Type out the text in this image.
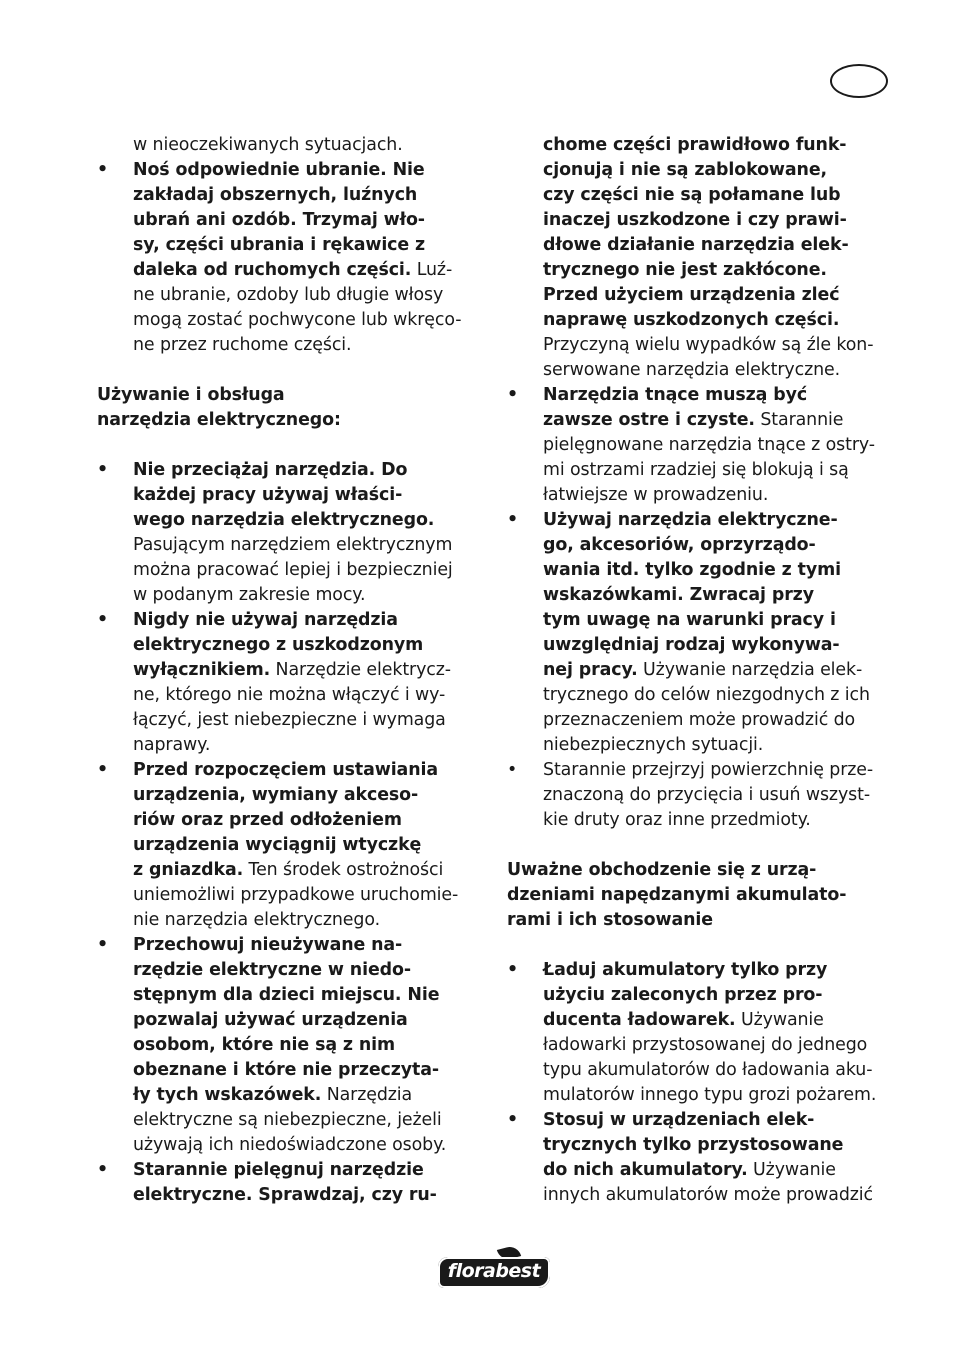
w nieoczekiwanych sytuacjach.

•	Noś odpowiednie ubranie. Nie
zakładaj obszernych, luźnych
ubrań ani ozdób. Trzymaj wło-
sy, części ubrania i rękawice z
daleka od ruchomych części. Luź-
ne ubranie, ozdoby lub długie włosy
mogą zostać pochwycone lub wkręco-
ne przez ruchome części.
Używanie i obsługa
narzędzia elektrycznego:
•	Nie przeciążaj narzędzia. Do
każdej pracy używaj właści-
wego narzędzia elektrycznego.
Pasującym narzędziem elektrycznym
można pracować lepiej i bezpieczniej
w podanym zakresie mocy.
•	Nigdy nie używaj narzędzia
elektrycznego z uszkodzonym
wyłącznikiem. Narzędzie elektrycz-
ne, którego nie można włączyć i wy-
łączyć, jest niebezpieczne i wymaga
naprawy.
•	Przed rozpoczęciem ustawiania
urządzenia, wymiany akceso-
riów oraz przed odłożeniem
urządzenia wyciągnij wtyczkę
z gniazdka. Ten środek ostrożności
uniemożliwi przypadkowe uruchomie-
nie narzędzia elektrycznego.
•	Przechowuj nieużywane na-
rzędzie elektryczne w niedo-
stępnym dla dzieci miejscu. Nie
pozwalaj używać urządzenia
osobom, które nie są z nim
obeznane i które nie przeczyta-
ły tych wskazówek. Narzędzia
elektryczne są niebezpieczne, jeżeli
używają ich niedoświadczone osoby.
•	Starannie pielęgnuj narzędzie
elektryczne. Sprawdzaj, czy ru-
chome części prawidłowo funk-
cjonują i nie są zablokowane,
czy części nie są połamane lub
inaczej uszkodzone i czy prawi-
dłowe działanie narzędzia elek-
trycznego nie jest zakłócone.
Przed użyciem urządzenia zleć
naprawę uszkodzonych części.
Przyczyną wielu wypadków są źle kon-
serwowane narzędzia elektryczne.
•	Narzędzia tnące muszą być
zawsze ostre i czyste. Starannie
pielęgnowane narzędzia tnące z ostry-
mi ostrzami rzadziej się blokują i są
łatwiejsze w prowadzeniu.
•	Używaj narzędzia elektryczne-
go, akcesoriów, oprzyrządo-
wania itd. tylko zgodnie z tymi
wskazówkami. Zwracaj przy
tym uwagę na warunki pracy i
uwzględniaj rodzaj wykonywa-
nej pracy. Używanie narzędzia elek-
trycznego do celów niezgodnych z ich
przeznaczeniem może prowadzić do
niebezpiecznych sytuacji.
•	Starannie przejrzyj powierzchnię prze-
znaczoną do przycięcia i usuń wszyst-
kie druty oraz inne przedmioty.
Uważne obchodzenie się z urzą-
dzeniami napędzanymi akumulato-
rami i ich stosowanie
•	Ładuj akumulatory tylko przy
użyciu zaleconych przez pro-
ducenta ładowarek. Używanie
ładowarki przystosowanej do jednego
typu akumulatorów do ładowania aku-
mulatorów innego typu grozi pożarem.
•	Stosuj w urządzeniach elek-
trycznych tylko przystosowane
do nich akumulatory. Używanie
innych akumulatorów może prowadzić
florabest
